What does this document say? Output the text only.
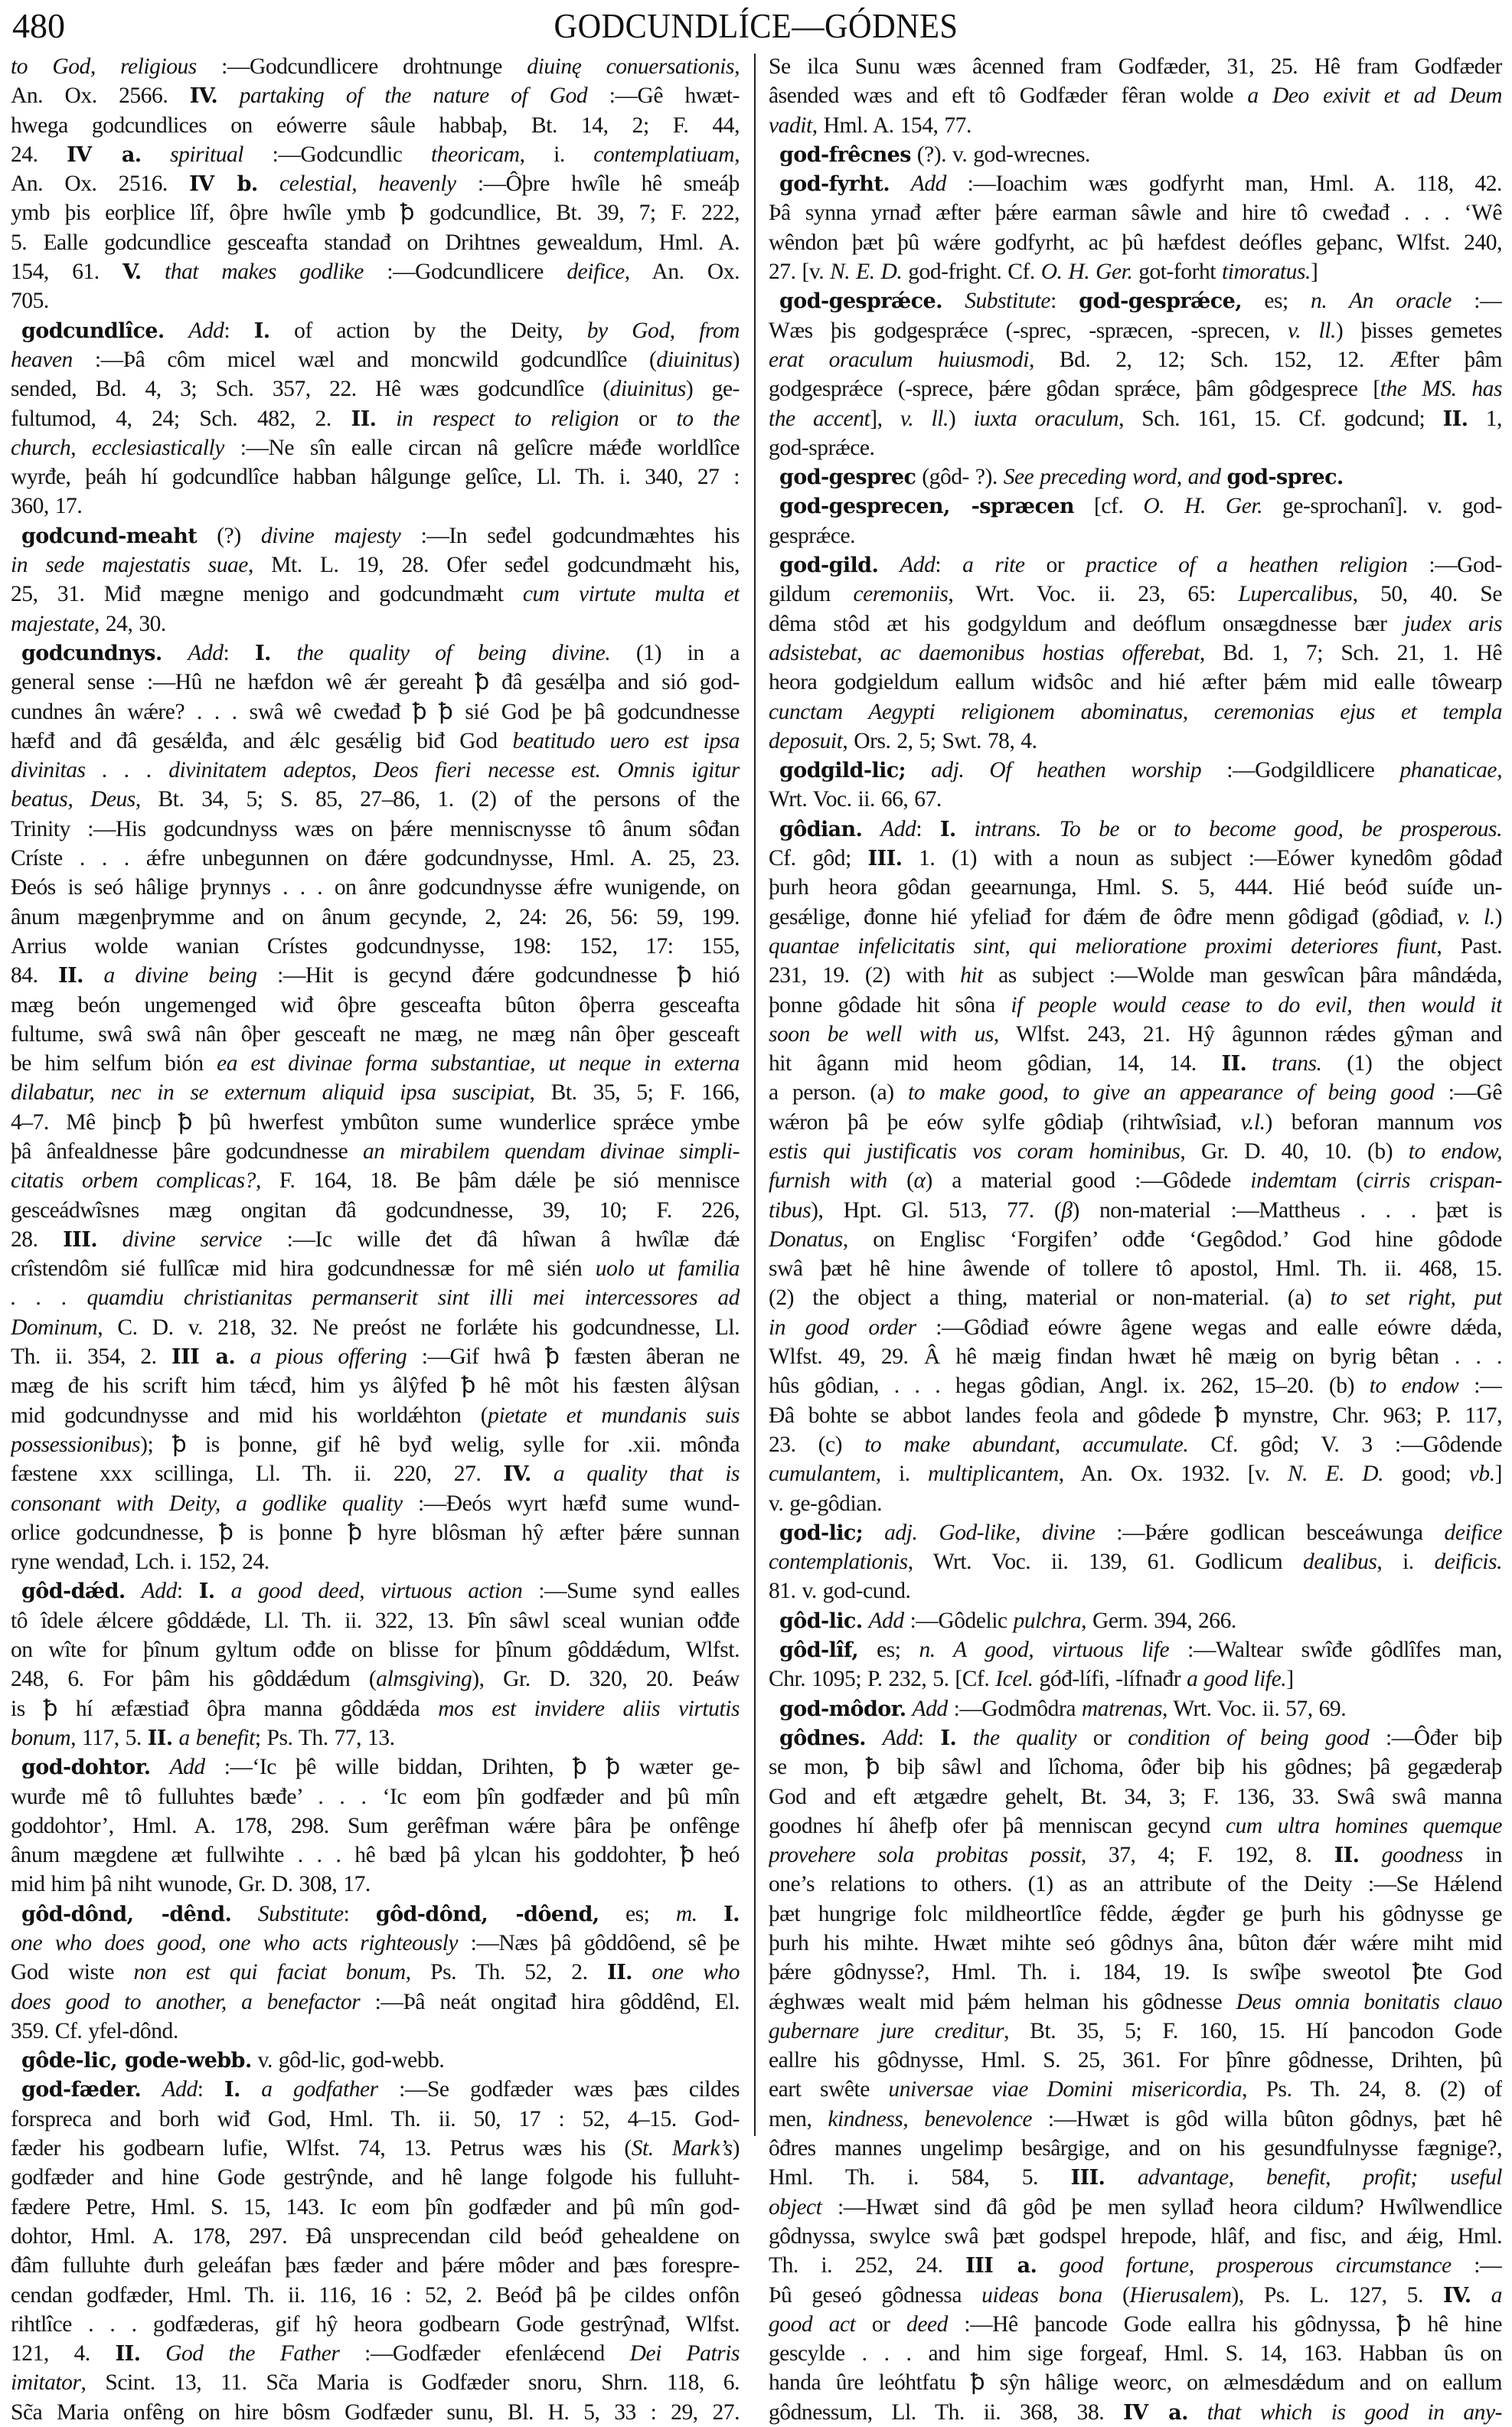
480	GODCUNDLÍCE—GÓDNES
to God, religious :—Godcundlicere drohtnunge diuinę conuersationis,
An. Ox. 2566. IV. partaking of the nature of God :—Gê hwæt-
hwega godcundlices on eówerre sâule habbaþ, Bt. 14, 2; F. 44,
24. IV a. spiritual :—Godcundlic theoricam, i. contemplatiuam,
An. Ox. 2516. IV b. celestial, heavenly :—Ôþre hwîle hê smeáþ
ymb þis eorþlice lîf, ôþre hwîle ymb ꝥ godcundlice, Bt. 39, 7; F. 222,
5. Ealle godcundlice gesceafta standađ on Drihtnes gewealdum, Hml. A.
154, 61. V. that makes godlike :—Godcundlicere deifice, An. Ox.
705.
godcundlîce. Add: I. of action by the Deity, by God, from
heaven :—Þâ côm micel wæl and moncwild godcundlîce (diuinitus)
sended, Bd. 4, 3; Sch. 357, 22. Hê wæs godcundlîce (diuinitus) ge-
fultumod, 4, 24; Sch. 482, 2. II. in respect to religion or to the
church, ecclesiastically :—Ne sîn ealle circan nâ gelîcre mǽđe worldlîce
wyrđe, þeáh hí godcundlîce habban hâlgunge gelîce, Ll. Th. i. 340, 27 :
360, 17.
godcund-meaht (?) divine majesty :—In seđel godcundmæhtes his
in sede majestatis suae, Mt. L. 19, 28. Ofer seđel godcundmæht his,
25, 31. Miđ mægne menigo and godcundmæht cum virtute multa et
majestate, 24, 30.
godcundnys. Add: I. the quality of being divine. (1) in a
general sense :—Hû ne hæfdon wê ǽr gereaht ꝥ đâ gesǽlþa and sió god-
cundnes ân wǽre? . . . swâ wê cweđađ ꝥ ꝥ sié God þe þâ godcundnesse
hæfđ and đâ gesǽlđa, and ǽlc gesǽlig biđ God beatitudo uero est ipsa
divinitas . . . divinitatem adeptos, Deos fieri necesse est. Omnis igitur
beatus, Deus, Bt. 34, 5; S. 85, 27–86, 1. (2) of the persons of the
Trinity :—His godcundnyss wæs on þǽre menniscnysse tô ânum sôđan
Críste . . . ǽfre unbegunnen on đǽre godcundnysse, Hml. A. 25, 23.
Đeós is seó hâlige þrynnys . . . on ânre godcundnysse ǽfre wunigende, on
ânum mægenþrymme and on ânum gecynde, 2, 24: 26, 56: 59, 199.
Arrius wolde wanian Crístes godcundnysse, 198: 152, 17: 155,
84. II. a divine being :—Hit is gecynd đǽre godcundnesse ꝥ hió
mæg beón ungemenged wiđ ôþre gesceafta bûton ôþerra gesceafta
fultume, swâ swâ nân ôþer gesceaft ne mæg, ne mæg nân ôþer gesceaft
be him selfum bión ea est divinae forma substantiae, ut neque in externa
dilabatur, nec in se externum aliquid ipsa suscipiat, Bt. 35, 5; F. 166,
4–7. Mê þincþ ꝥ þû hwerfest ymbûton sume wunderlice sprǽce ymbe
þâ ânfealdnesse þâre godcundnesse an mirabilem quendam divinae simpli-
citatis orbem complicas?, F. 164, 18. Be þâm dǽle þe sió mennisce
gesceádwîsnes mæg ongitan đâ godcundnesse, 39, 10; F. 226,
28. III. divine service :—Ic wille đet đâ hîwan â hwîlæ đǽ
crîstendôm sié fullîcæ mid hira godcundnessæ for mê sién uolo ut familia
. . . quamdiu christianitas permanserit sint illi mei intercessores ad
Dominum, C. D. v. 218, 32. Ne preóst ne forlǽte his godcundnesse, Ll.
Th. ii. 354, 2. III a. a pious offering :—Gif hwâ ꝥ fæsten âberan ne
mæg đe his scrift him tǽcđ, him ys âlŷfed ꝥ hê môt his fæsten âlŷsan
mid godcundnysse and mid his worldǽhton (pietate et mundanis suis
possessionibus); ꝥ is þonne, gif hê byđ welig, sylle for .xii. mônđa
fæstene xxx scillinga, Ll. Th. ii. 220, 27. IV. a quality that is
consonant with Deity, a godlike quality :—Đeós wyrt hæfđ sume wund-
orlice godcundnesse, ꝥ is þonne ꝥ hyre blôsman hŷ æfter þǽre sunnan
ryne wendađ, Lch. i. 152, 24.
gôd-dǽd. Add: I. a good deed, virtuous action :—Sume synd ealles
tô îdele ǽlcere gôddǽde, Ll. Th. ii. 322, 13. Þîn sâwl sceal wunian ođđe
on wîte for þînum gyltum ođđe on blisse for þînum gôddǽdum, Wlfst.
248, 6. For þâm his gôddǽdum (almsgiving), Gr. D. 320, 20. Þeáw
is ꝥ hí æfæstiađ ôþra manna gôddǽda mos est invidere aliis virtutis
bonum, 117, 5. II. a benefit; Ps. Th. 77, 13.
god-dohtor. Add :—‘Ic þê wille biddan, Drihten, ꝥ ꝥ wæter ge-
wurđe mê tô fulluhtes bæđe’ . . . ‘Ic eom þîn godfæder and þû mîn
goddohtor’, Hml. A. 178, 298. Sum gerêfman wǽre þâra þe onfênge
ânum mægdene æt fullwihte . . . hê bæd þâ ylcan his goddohter, ꝥ heó
mid him þâ niht wunode, Gr. D. 308, 17.
gôd-dônd, -dênd. Substitute: gôd-dônd, -dôend, es; m. I.
one who does good, one who acts righteously :—Næs þâ gôddôend, sê þe
God wiste non est qui faciat bonum, Ps. Th. 52, 2. II. one who
does good to another, a benefactor :—Þâ neát ongitađ hira gôddênd, El.
359. Cf. yfel-dônd.
gôde-lic, gode-webb. v. gôd-lic, god-webb.
god-fæder. Add: I. a godfather :—Se godfæder wæs þæs cildes
forspreca and borh wiđ God, Hml. Th. ii. 50, 17 : 52, 4–15. God-
fæder his godbearn lufie, Wlfst. 74, 13. Petrus wæs his (St. Mark’s)
godfæder and hine Gode gestrŷnde, and hê lange folgode his fulluht-
fædere Petre, Hml. S. 15, 143. Ic eom þîn godfæder and þû mîn god-
dohtor, Hml. A. 178, 297. Đâ unsprecendan cild beóđ gehealdene on
đâm fulluhte đurh geleáfan þæs fæder and þǽre môder and þæs forespre-
cendan godfæder, Hml. Th. ii. 116, 16 : 52, 2. Beóđ þâ þe cildes onfôn
rihtlîce . . . godfæderas, gif hŷ heora godbearn Gode gestrŷnađ, Wlfst.
121, 4. II. God the Father :—Godfæder efenlǽcend Dei Patris
imitator, Scint. 13, 11. Sc̃a Maria is Godfæder snoru, Shrn. 118, 6.
Sc̃a Maria onfêng on hire bôsm Godfæder sunu, Bl. H. 5, 33 : 29, 27.
Se ilca Sunu wæs âcenned fram Godfæder, 31, 25. Hê fram Godfæder
âsended wæs and eft tô Godfæder fêran wolde a Deo exivit et ad Deum
vadit, Hml. A. 154, 77.
god-frêcnes (?). v. god-wrecnes.
god-fyrht. Add :—Ioachim wæs godfyrht man, Hml. A. 118, 42.
Þâ synna yrnađ æfter þǽre earman sâwle and hire tô cweđađ . . . ‘Wê
wêndon þæt þû wǽre godfyrht, ac þû hæfdest deófles geþanc, Wlfst. 240,
27. [v. N. E. D. god-fright. Cf. O. H. Ger. got-forht timoratus.]
god-gesprǽce. Substitute: god-gesprǽce, es; n. An oracle :—
Wæs þis godgesprǽce (-sprec, -spræcen, -sprecen, v. ll.) þisses gemetes
erat oraculum huiusmodi, Bd. 2, 12; Sch. 152, 12. Æfter þâm
godgesprǽce (-sprece, þǽre gôdan sprǽce, þâm gôdgesprece [the MS. has
the accent], v. ll.) iuxta oraculum, Sch. 161, 15. Cf. godcund; II. 1,
god-sprǽce.
god-gesprec (gôd- ?). See preceding word, and god-sprec.
god-gesprecen, -spræcen [cf. O. H. Ger. ge-sprochanî]. v. god-
gesprǽce.
god-gild. Add: a rite or practice of a heathen religion :—God-
gildum ceremoniis, Wrt. Voc. ii. 23, 65: Lupercalibus, 50, 40. Se
dêma stôd æt his godgyldum and deóflum onsægdnesse bær judex aris
adsistebat, ac daemonibus hostias offerebat, Bd. 1, 7; Sch. 21, 1. Hê
heora godgieldum eallum wiđsôc and hié æfter þǽm mid ealle tôwearp
cunctam Aegypti religionem abominatus, ceremonias ejus et templa
deposuit, Ors. 2, 5; Swt. 78, 4.
godgild-lic; adj. Of heathen worship :—Godgildlicere phanaticae,
Wrt. Voc. ii. 66, 67.
gôdian. Add: I. intrans. To be or to become good, be prosperous.
Cf. gôd; III. 1. (1) with a noun as subject :—Eówer kynedôm gôdađ
þurh heora gôdan geearnunga, Hml. S. 5, 444. Hié beóđ suíđe un-
gesǽlige, đonne hié yfeliađ for đǽm đe ôđre menn gôdigađ (gôdiađ, v. l.)
quantae infelicitatis sint, qui melioratione proximi deteriores fiunt, Past.
231, 19. (2) with hit as subject :—Wolde man geswîcan þâra mândǽda,
þonne gôdade hit sôna if people would cease to do evil, then would it
soon be well with us, Wlfst. 243, 21. Hŷ âgunnon rǽdes gŷman and
hit âgann mid heom gôdian, 14, 14. II. trans. (1) the object
a person. (a) to make good, to give an appearance of being good :—Gê
wǽron þâ þe eów sylfe gôdiaþ (rihtwîsiađ, v.l.) beforan mannum vos
estis qui justificatis vos coram hominibus, Gr. D. 40, 10. (b) to endow,
furnish with (α) a material good :—Gôdede indemtam (cirris crispan-
tibus), Hpt. Gl. 513, 77. (β) non-material :—Mattheus . . . þæt is
Donatus, on Englisc ‘Forgifen’ ođđe ‘Gegôdod.’ God hine gôdode
swâ þæt hê hine âwende of tollere tô apostol, Hml. Th. ii. 468, 15.
(2) the object a thing, material or non-material. (a) to set right, put
in good order :—Gôdiađ eówre âgene wegas and ealle eówre dǽda,
Wlfst. 49, 29. Â hê mæig findan hwæt hê mæig on byrig bêtan . . .
hûs gôdian, . . . hegas gôdian, Angl. ix. 262, 15–20. (b) to endow :—
Đâ bohte se abbot landes feola and gôdede ꝥ mynstre, Chr. 963; P. 117,
23. (c) to make abundant, accumulate. Cf. gôd; V. 3 :—Gôdende
cumulantem, i. multiplicantem, An. Ox. 1932. [v. N. E. D. good; vb.]
v. ge-gôdian.
god-lic; adj. God-like, divine :—Þǽre godlican besceáwunga deifice
contemplationis, Wrt. Voc. ii. 139, 61. Godlicum dealibus, i. deificis.
81. v. god-cund.
gôd-lic. Add :—Gôdelic pulchra, Germ. 394, 266.
gôd-lîf, es; n. A good, virtuous life :—Waltear swîđe gôdlîfes man,
Chr. 1095; P. 232, 5. [Cf. Icel. góđ-lífi, -lífnađr a good life.]
god-môdor. Add :—Godmôdra matrenas, Wrt. Voc. ii. 57, 69.
gôdnes. Add: I. the quality or condition of being good :—Ôđer biþ
se mon, ꝥ biþ sâwl and lîchoma, ôđer biþ his gôdnes; þâ gegæderaþ
God and eft ætgædre gehelt, Bt. 34, 3; F. 136, 33. Swâ swâ manna
goodnes hí âhefþ ofer þâ menniscan gecynd cum ultra homines quemque
provehere sola probitas possit, 37, 4; F. 192, 8. II. goodness in
one’s relations to others. (1) as an attribute of the Deity :—Se Hǽlend
þæt hungrige folc mildheortlîce fêdde, ǽgđer ge þurh his gôdnysse ge
þurh his mihte. Hwæt mihte seó gôdnys âna, bûton đǽr wǽre miht mid
þǽre gôdnysse?, Hml. Th. i. 184, 19. Is swîþe sweotol ꝥte God
ǽghwæs wealt mid þǽm helman his gôdnesse Deus omnia bonitatis clauo
gubernare jure creditur, Bt. 35, 5; F. 160, 15. Hí þancodon Gode
eallre his gôdnysse, Hml. S. 25, 361. For þînre gôdnesse, Drihten, þû
eart swête universae viae Domini misericordia, Ps. Th. 24, 8. (2) of
men, kindness, benevolence :—Hwæt is gôd willa bûton gôdnys, þæt hê
ôđres mannes ungelimp besârgige, and on his gesundfulnysse fægnige?,
Hml. Th. i. 584, 5. III. advantage, benefit, profit; useful
object :—Hwæt sind đâ gôd þe men syllađ heora cildum? Hwîlwendlice
gôdnyssa, swylce swâ þæt godspel hrepode, hlâf, and fisc, and ǽig, Hml.
Th. i. 252, 24. III a. good fortune, prosperous circumstance :—
Þû geseó gôdnessa uideas bona (Hierusalem), Ps. L. 127, 5. IV. a
good act or deed :—Hê þancode Gode eallra his gôdnyssa, ꝥ hê hine
gescylde . . . and him sige forgeaf, Hml. S. 14, 163. Habban ûs on
handa ûre leóhtfatu ꝥ sŷn hâlige weorc, on ælmesdǽdum and on eallum
gôdnessum, Ll. Th. ii. 368, 38. IV a. that which is good in any-
